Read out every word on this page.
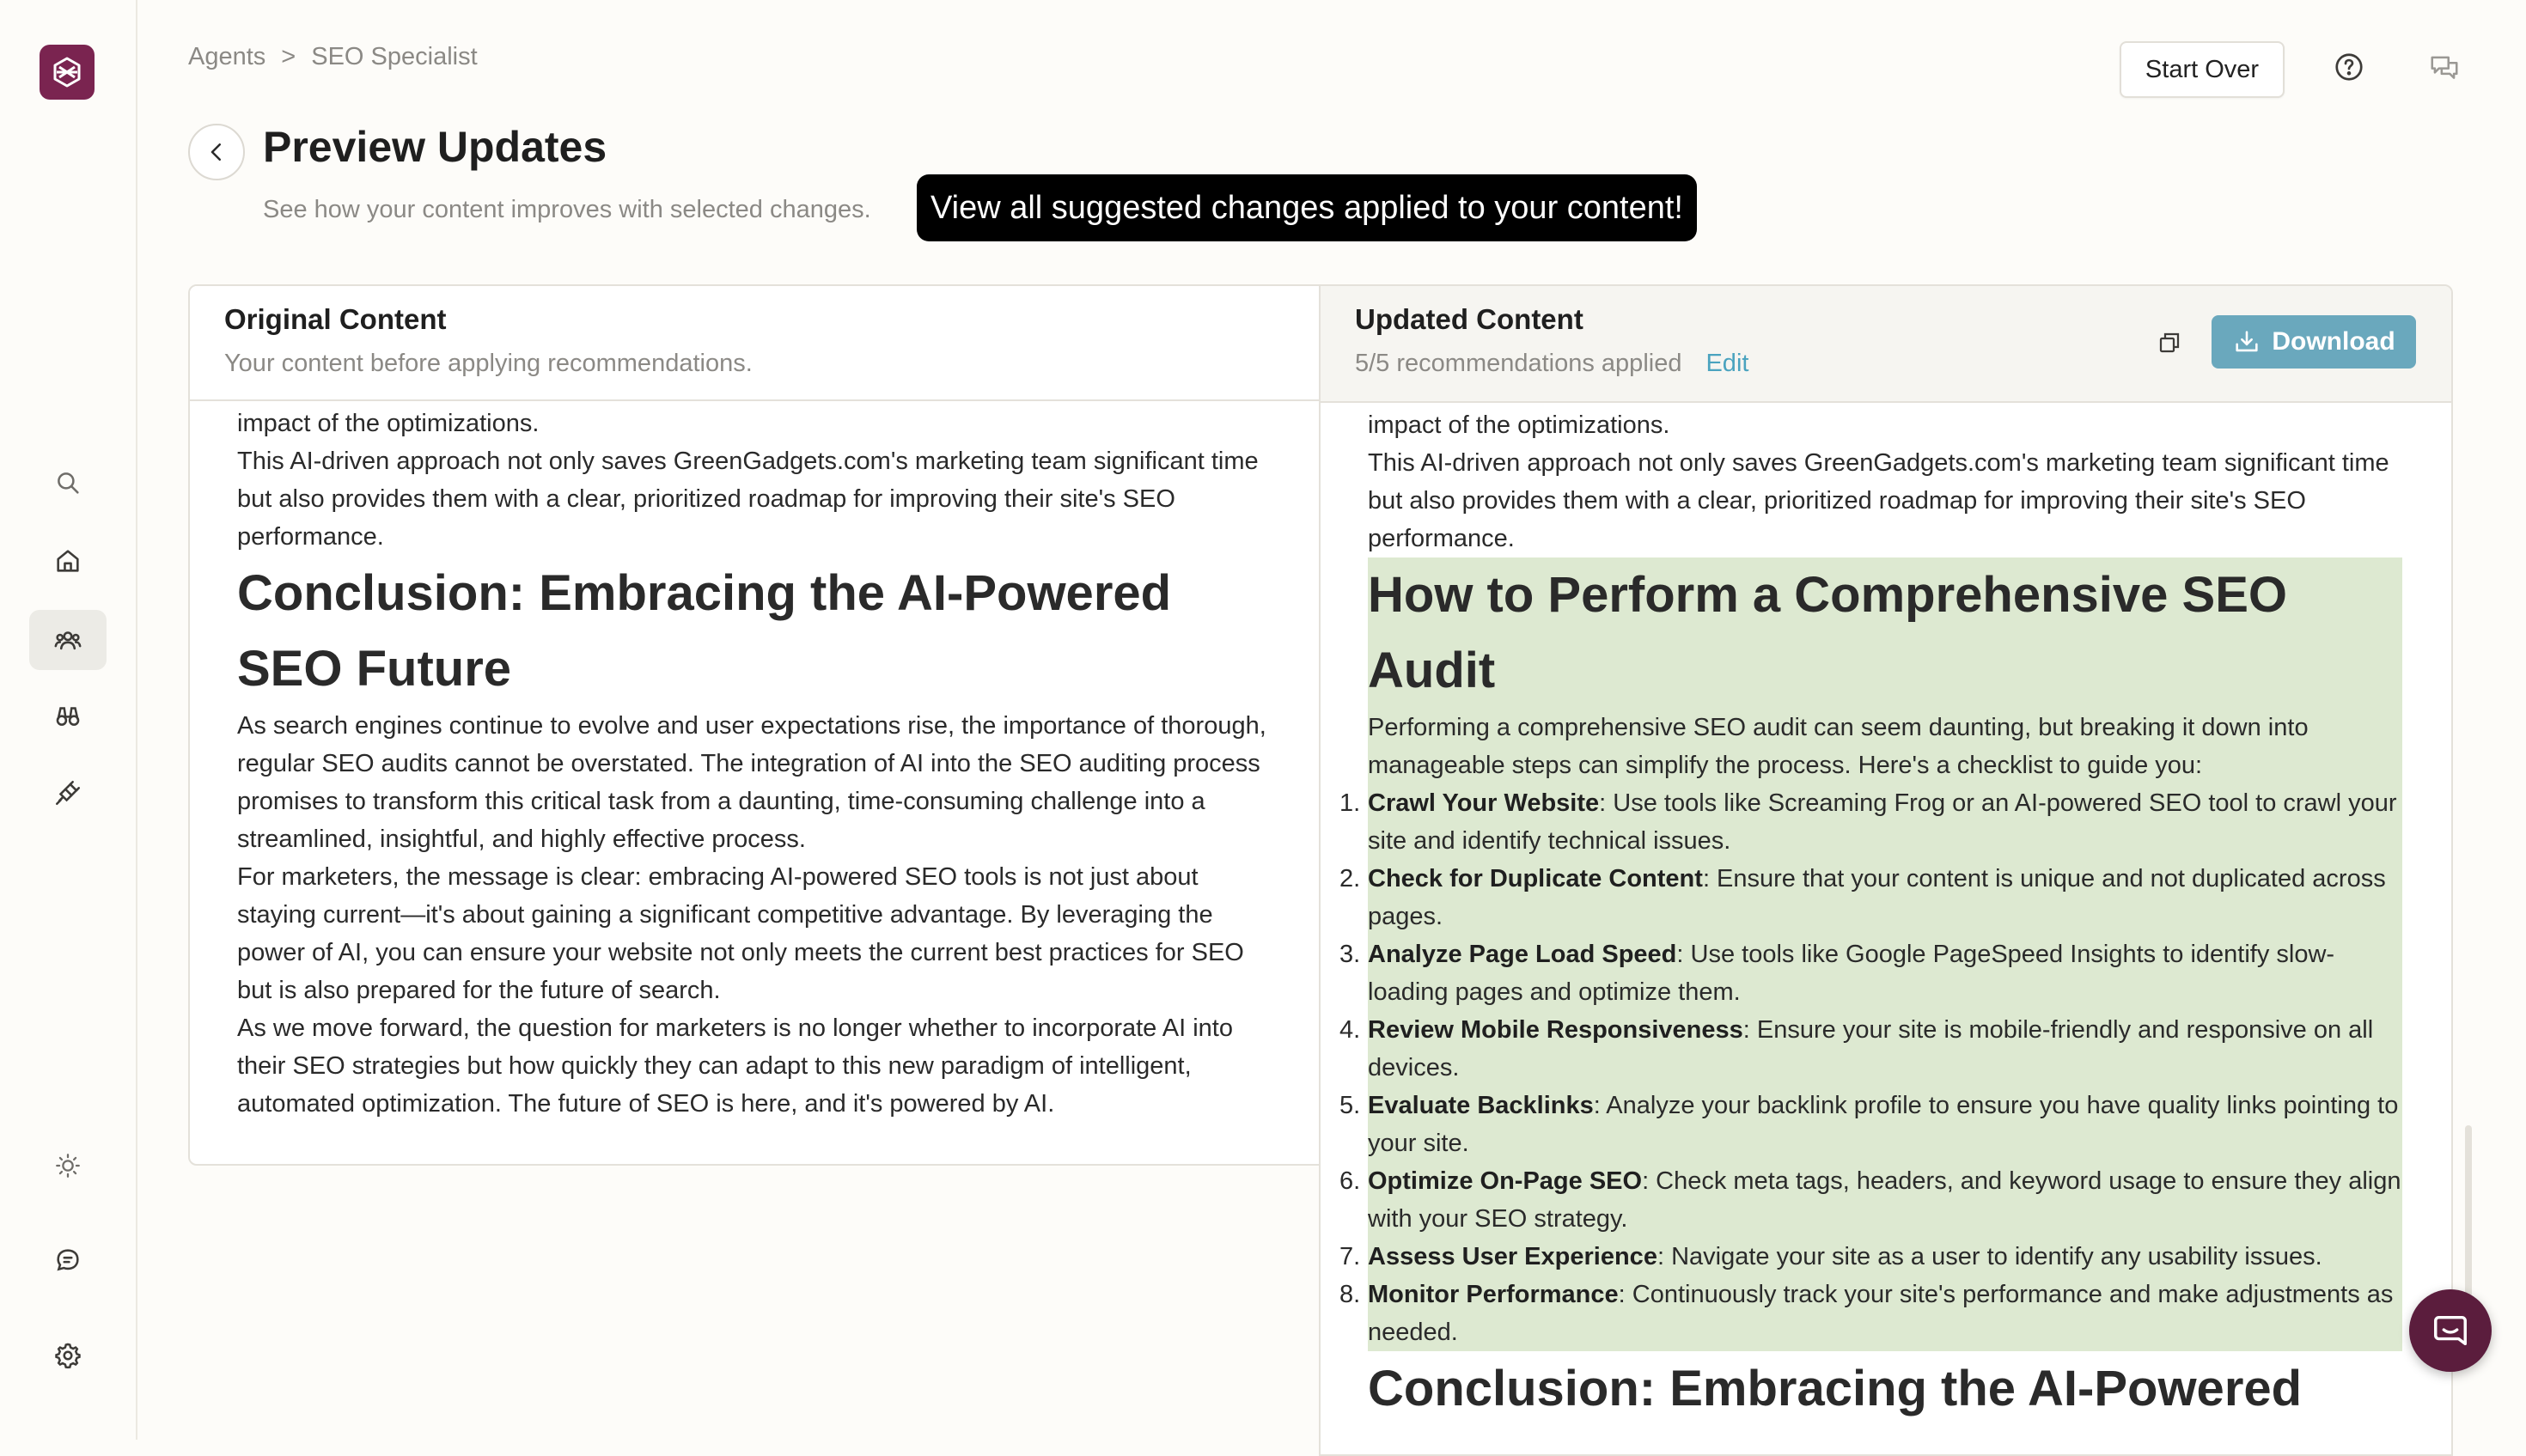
Agents > SEO Specialist
Preview Updates
See how your content improves with selected changes.	View all suggested changes applied to your content!
Start Over
Original Content
Your content before applying recommendations.

impact of the optimizations.

This AI-driven approach not only saves GreenGadgets.com's marketing team significant time but also provides them with a clear, prioritized roadmap for improving their site's SEO performance.

Conclusion: Embracing the AI-Powered SEO Future

As search engines continue to evolve and user expectations rise, the importance of thorough, regular SEO audits cannot be overstated. The integration of AI into the SEO auditing process promises to transform this critical task from a daunting, time-consuming challenge into a streamlined, insightful, and highly effective process.

For marketers, the message is clear: embracing AI-powered SEO tools is not just about staying current—it's about gaining a significant competitive advantage. By leveraging the power of AI, you can ensure your website not only meets the current best practices for SEO but is also prepared for the future of search.

As we move forward, the question for marketers is no longer whether to incorporate AI into their SEO strategies but how quickly they can adapt to this new paradigm of intelligent, automated optimization. The future of SEO is here, and it's powered by AI.

Updated Content
5/5 recommendations applied Edit
Download

impact of the optimizations.

This AI-driven approach not only saves GreenGadgets.com's marketing team significant time but also provides them with a clear, prioritized roadmap for improving their site's SEO performance.

How to Perform a Comprehensive SEO Audit

Performing a comprehensive SEO audit can seem daunting, but breaking it down into manageable steps can simplify the process. Here's a checklist to guide you:

1. Crawl Your Website: Use tools like Screaming Frog or an AI-powered SEO tool to crawl your site and identify technical issues.
2. Check for Duplicate Content: Ensure that your content is unique and not duplicated across pages.
3. Analyze Page Load Speed: Use tools like Google PageSpeed Insights to identify slow-loading pages and optimize them.
4. Review Mobile Responsiveness: Ensure your site is mobile-friendly and responsive on all devices.
5. Evaluate Backlinks: Analyze your backlink profile to ensure you have quality links pointing to your site.
6. Optimize On-Page SEO: Check meta tags, headers, and keyword usage to ensure they align with your SEO strategy.
7. Assess User Experience: Navigate your site as a user to identify any usability issues.
8. Monitor Performance: Continuously track your site's performance and make adjustments as needed.
Conclusion: Embracing the AI-Powered
